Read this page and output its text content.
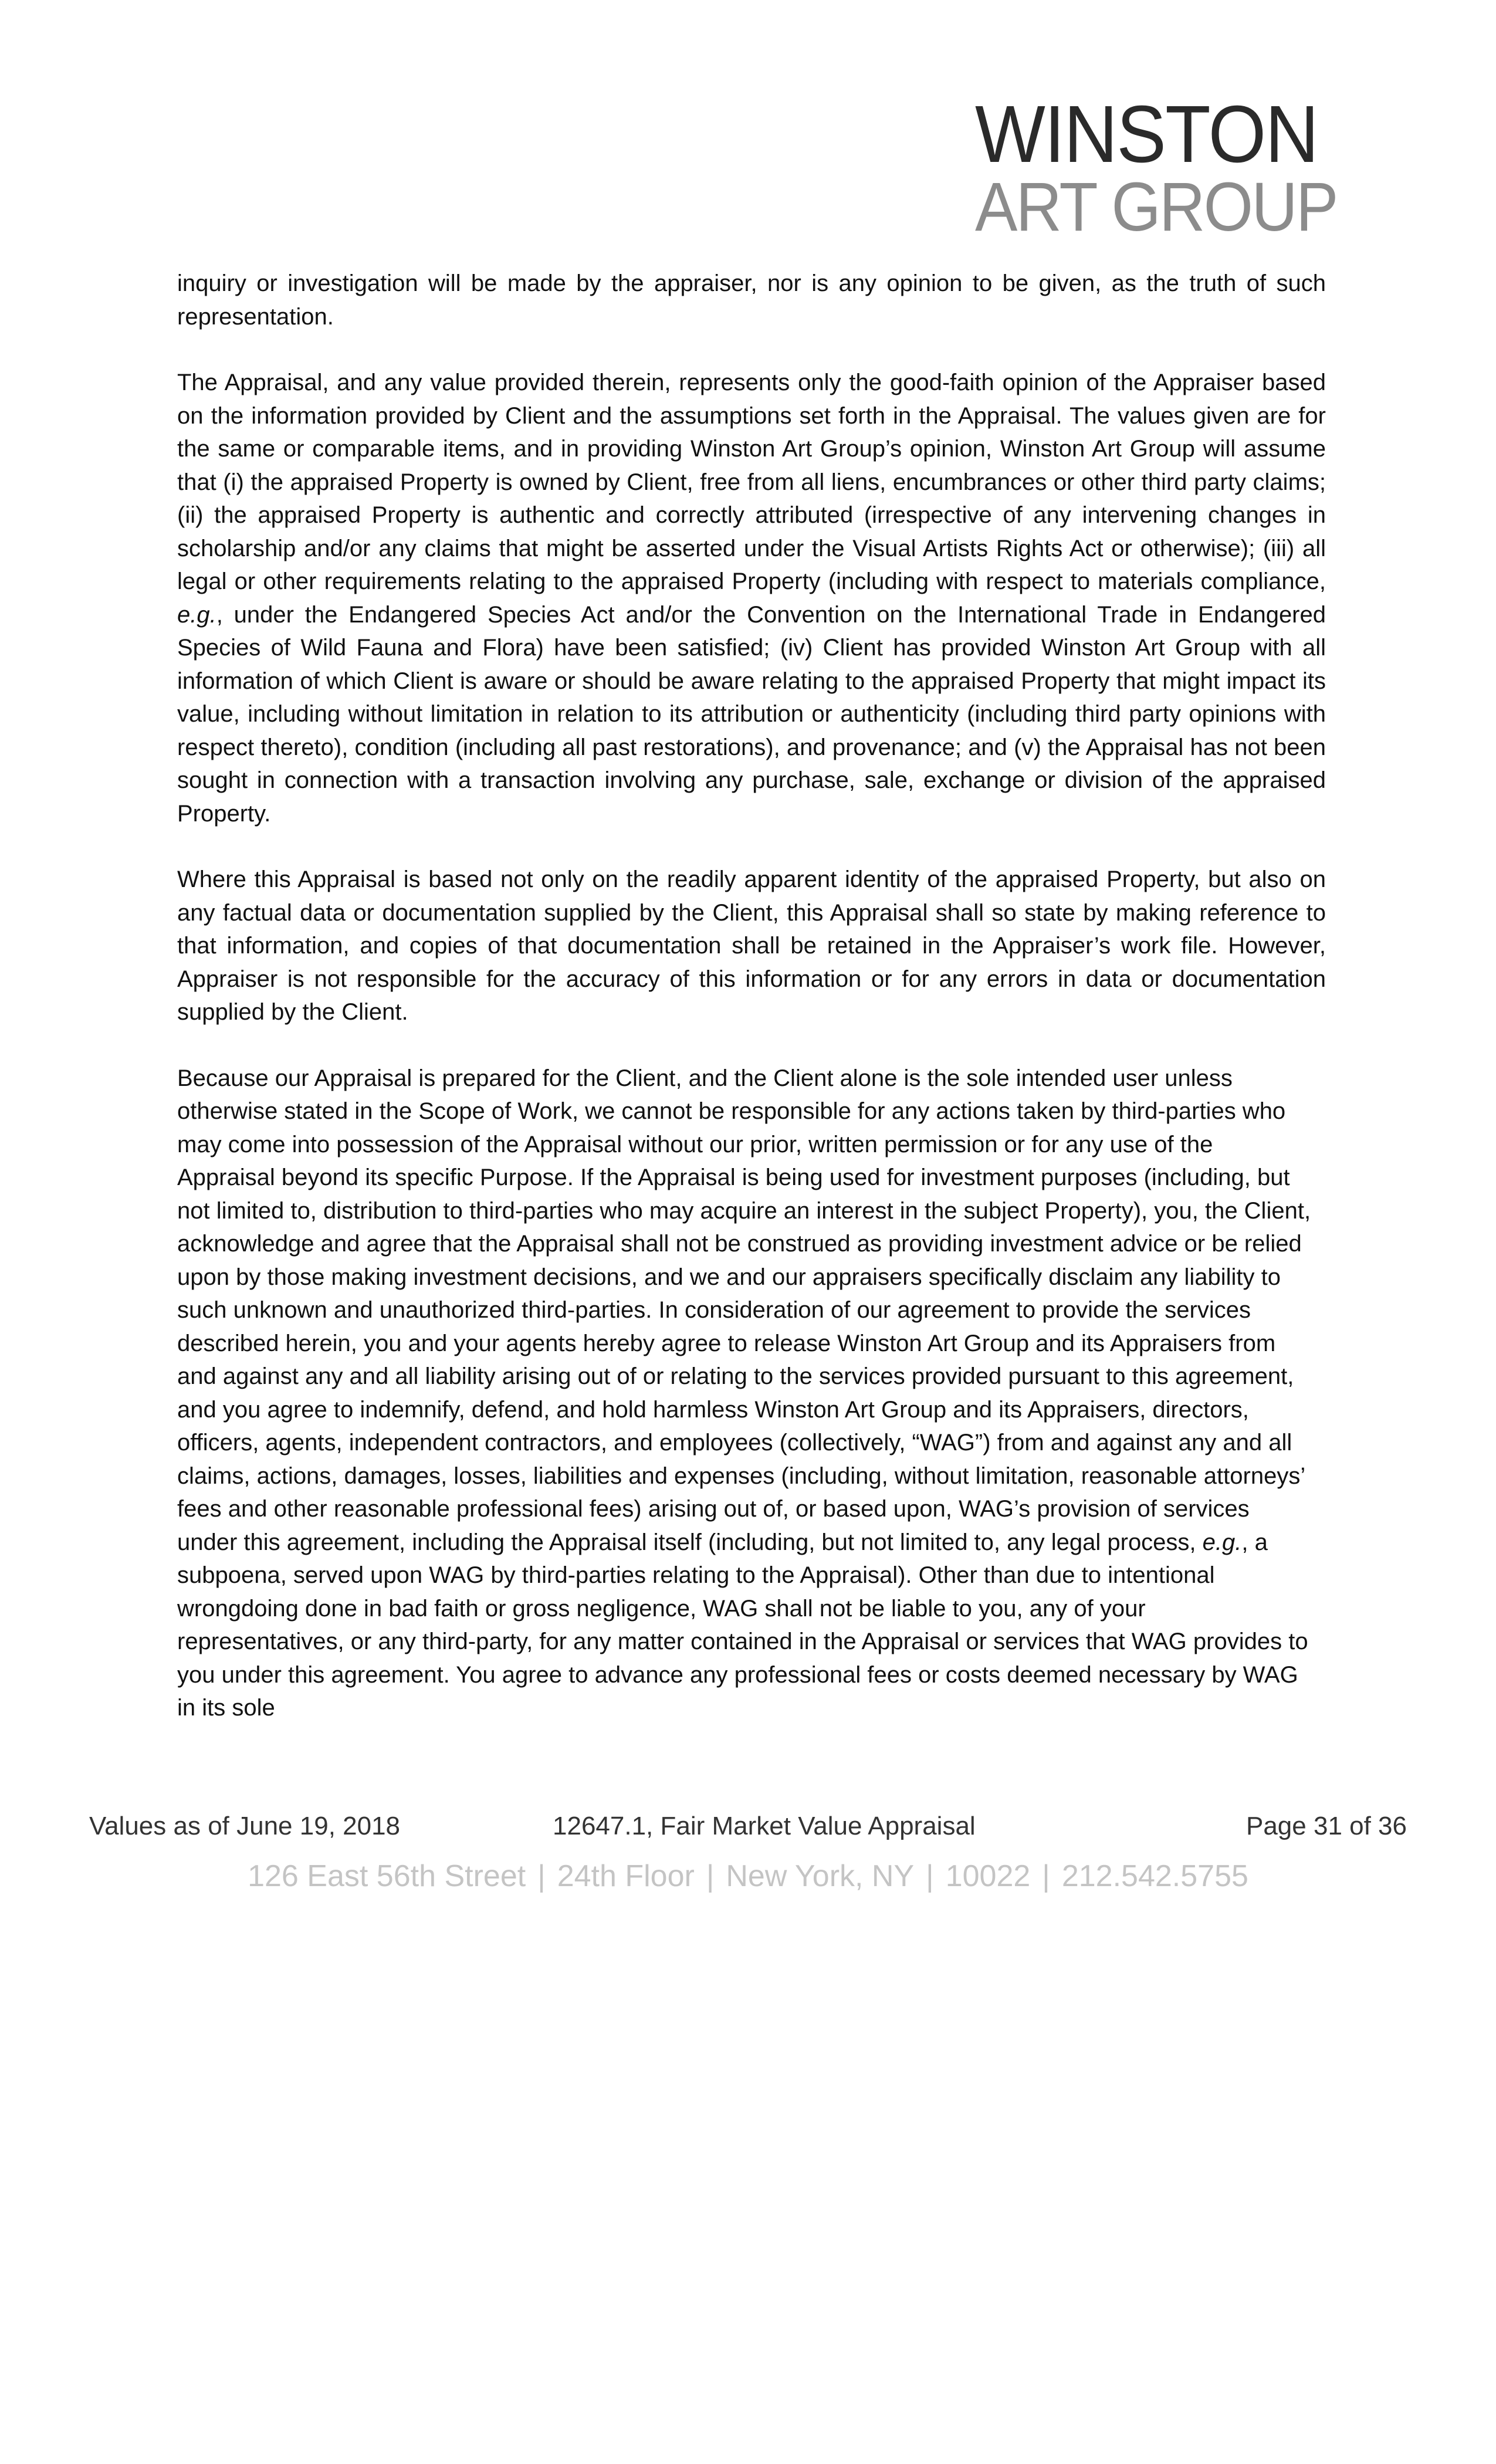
WINSTON
ART GROUP

inquiry or investigation will be made by the appraiser, nor is any opinion to be given, as the truth of such representation.

The Appraisal, and any value provided therein, represents only the good-faith opinion of the Appraiser based on the information provided by Client and the assumptions set forth in the Appraisal. The values given are for the same or comparable items, and in providing Winston Art Group’s opinion, Winston Art Group will assume that (i) the appraised Property is owned by Client, free from all liens, encumbrances or other third party claims; (ii) the appraised Property is authentic and correctly attributed (irrespective of any intervening changes in scholarship and/or any claims that might be asserted under the Visual Artists Rights Act or otherwise); (iii) all legal or other requirements relating to the appraised Property (including with respect to materials compliance, e.g., under the Endangered Species Act and/or the Convention on the International Trade in Endangered Species of Wild Fauna and Flora) have been satisfied; (iv) Client has provided Winston Art Group with all information of which Client is aware or should be aware relating to the appraised Property that might impact its value, including without limitation in relation to its attribution or authenticity (including third party opinions with respect thereto), condition (including all past restorations), and provenance; and (v) the Appraisal has not been sought in connection with a transaction involving any purchase, sale, exchange or division of the appraised Property.

Where this Appraisal is based not only on the readily apparent identity of the appraised Property, but also on any factual data or documentation supplied by the Client, this Appraisal shall so state by making reference to that information, and copies of that documentation shall be retained in the Appraiser’s work file. However, Appraiser is not responsible for the accuracy of this information or for any errors in data or documentation supplied by the Client.

Because our Appraisal is prepared for the Client, and the Client alone is the sole intended user unless otherwise stated in the Scope of Work, we cannot be responsible for any actions taken by third-parties who may come into possession of the Appraisal without our prior, written permission or for any use of the Appraisal beyond its specific Purpose. If the Appraisal is being used for investment purposes (including, but not limited to, distribution to third-parties who may acquire an interest in the subject Property), you, the Client, acknowledge and agree that the Appraisal shall not be construed as providing investment advice or be relied upon by those making investment decisions, and we and our appraisers specifically disclaim any liability to such unknown and unauthorized third-parties. In consideration of our agreement to provide the services described herein, you and your agents hereby agree to release Winston Art Group and its Appraisers from and against any and all liability arising out of or relating to the services provided pursuant to this agreement, and you agree to indemnify, defend, and hold harmless Winston Art Group and its Appraisers, directors, officers, agents, independent contractors, and employees (collectively, “WAG”) from and against any and all claims, actions, damages, losses, liabilities and expenses (including, without limitation, reasonable attorneys’ fees and other reasonable professional fees) arising out of, or based upon, WAG’s provision of services under this agreement, including the Appraisal itself (including, but not limited to, any legal process, e.g., a subpoena, served upon WAG by third-parties relating to the Appraisal). Other than due to intentional wrongdoing done in bad faith or gross negligence, WAG shall not be liable to you, any of your representatives, or any third-party, for any matter contained in the Appraisal or services that WAG provides to you under this agreement. You agree to advance any professional fees or costs deemed necessary by WAG in its sole

Values as of June 19, 2018	12647.1, Fair Market Value Appraisal	Page 31 of 36
126 East 56th Street | 24th Floor | New York, NY | 10022 | 212.542.5755
